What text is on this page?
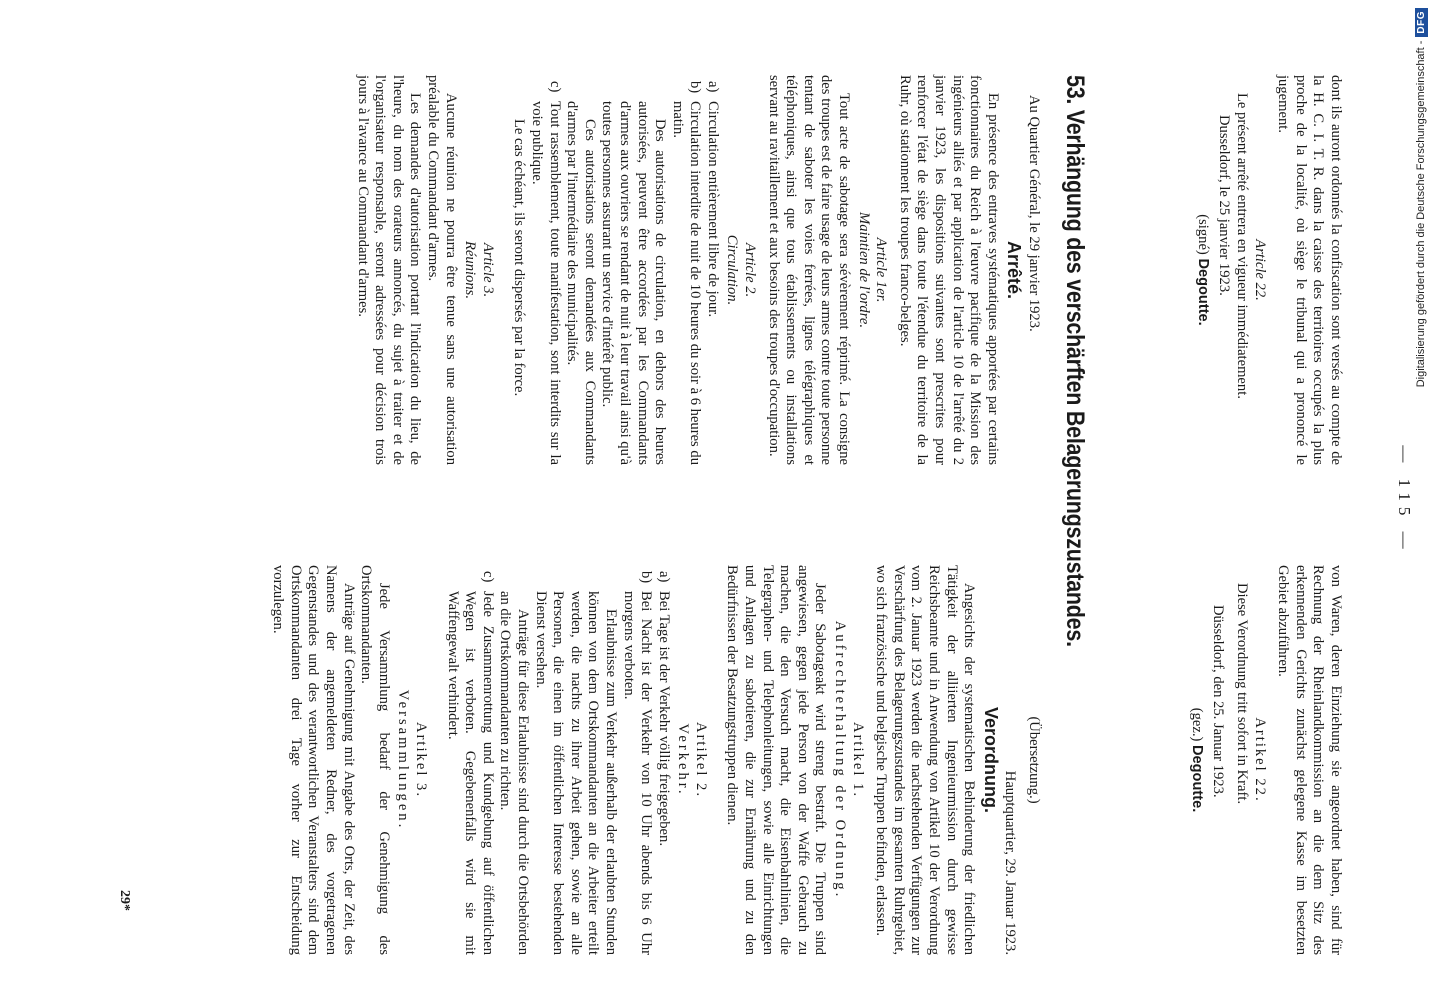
— 115 —

dont ils auront ordonnés la confiscation sont versés au compte de la H. C. I. T. R. dans la caisse des territoires occupés la plus proche de la localité, où siège le tribunal qui a prononcé le jugement.

Article 22.

Le présent arrêté entrera en vigueur immédiatement.

Dusseldorf, le 25 janvier 1923.

(signé) Degoutte.

von Waren, deren Einziehung sie angeordnet haben, sind für Rechnung der Rheinlandkommission an die dem Sitz des erkennenden Gerichts zunächst gelegene Kasse im besetzten Gebiet abzuführen.

Artikel 22.

Diese Verordnung tritt sofort in Kraft.

Düsseldorf, den 25. Januar 1923.

(gez.) Degoutte.

53. Verhängung des verschärften Belagerungszustandes.

Au Quartier Général, le 29 janvier 1923.

Arrêté.

En présence des entraves systématiques apportées par certains fonctionnaires du Reich à l'œuvre pacifique de la Mission des ingénieurs alliés et par application de l'article 10 de l'arrêté du 2 janvier 1923, les dispositions suivantes sont prescrites pour renforcer l'état de siège dans toute l'étendue du territoire de la Ruhr, où stationnent les troupes franco-belges.

Article 1er.

Maintien de l'ordre.

Tout acte de sabotage sera sévèrement réprimé. La consigne des troupes est de faire usage de leurs armes contre toute personne tentant de saboter les voies ferrées, lignes télégraphiques et téléphoniques, ainsi que tous établissements ou installations servant au ravitaillement et aux besoins des troupes d'occupation.

Article 2.

Circulation.

a)
Circulation entièrement libre de jour.
b)
Circulation interdite de nuit de 10 heures du soir à 6 heures du matin.

Des autorisations de circulation, en dehors des heures autorisées, peuvent être accordées par les Commandants d'armes aux ouvriers se rendant de nuit à leur travail ainsi qu'à toutes personnes assurant un service d'intérêt public.

Ces autorisations seront demandées aux Commandants d'armes par l'intermédiaire des municipalités.

c)
Tout rassemblement, toute manifestation, sont interdits sur la voie publique.

Le cas échéant, ils seront dispersés par la force.

Article 3.

Réunions.

Aucune réunion ne pourra être tenue sans une autorisation préalable du Commandant d'armes.

Les demandes d'autorisation portant l'indication du lieu, de l'heure, du nom des orateurs annoncés, du sujet à traiter et de l'organisateur responsable, seront adressées pour décision trois jours à l'avance au Commandant d'armes.

(Übersetzung.)

Hauptquartier, 29. Januar 1923.

Verordnung.

Angesichts der systematischen Behinderung der friedlichen Tätigkeit der alliierten Ingenieurmission durch gewisse Reichsbeamte und in Anwendung von Artikel 10 der Verordnung vom 2. Januar 1923 werden die nachstehenden Verfügungen zur Verschärfung des Belagerungszustandes im gesamten Ruhrgebiet, wo sich französische und belgische Truppen befinden, erlassen.

Artikel 1.

Aufrechterhaltung der Ordnung.

Jeder Sabotageakt wird streng bestraft. Die Truppen sind angewiesen, gegen jede Person von der Waffe Gebrauch zu machen, die den Versuch macht, die Eisenbahnlinien, die Telegraphen- und Telephonleitungen, sowie alle Einrichtungen und Anlagen zu sabotieren, die zur Ernährung und zu den Bedürfnissen der Besatzungstruppen dienen.

Artikel 2.

Verkehr.

a)
Bei Tage ist der Verkehr völlig freigegeben.
b)
Bei Nacht ist der Verkehr von 10 Uhr abends bis 6 Uhr morgens verboten.

Erlaubnisse zum Verkehr außerhalb der erlaubten Stunden können von dem Ortskommandanten an die Arbeiter erteilt werden, die nachts zu ihrer Arbeit gehen, sowie an alle Personen, die einen im öffentlichen Interesse bestehenden Dienst versehen.

Anträge für diese Erlaubnisse sind durch die Ortsbehörden an die Ortskommandanten zu richten.

c)
Jede Zusammenrottung und Kundgebung auf öffentlichen Wegen ist verboten. Gegebenenfalls wird sie mit Waffengewalt verhindert.

Artikel 3.

Versammlungen.

Jede Versammlung bedarf der Genehmigung des Ortskommandanten.

Anträge auf Genehmigung mit Angabe des Orts, der Zeit, des Namens der angemeldeten Redner, des vorgetragenen Gegenstandes und des verantwortlichen Veranstalters sind dem Ortskommandanten drei Tage vorher zur Entscheidung vorzulegen.

29*
Digitalisierung gefördert durch die Deutsche Forschungsgemeinschaft -
DFG
